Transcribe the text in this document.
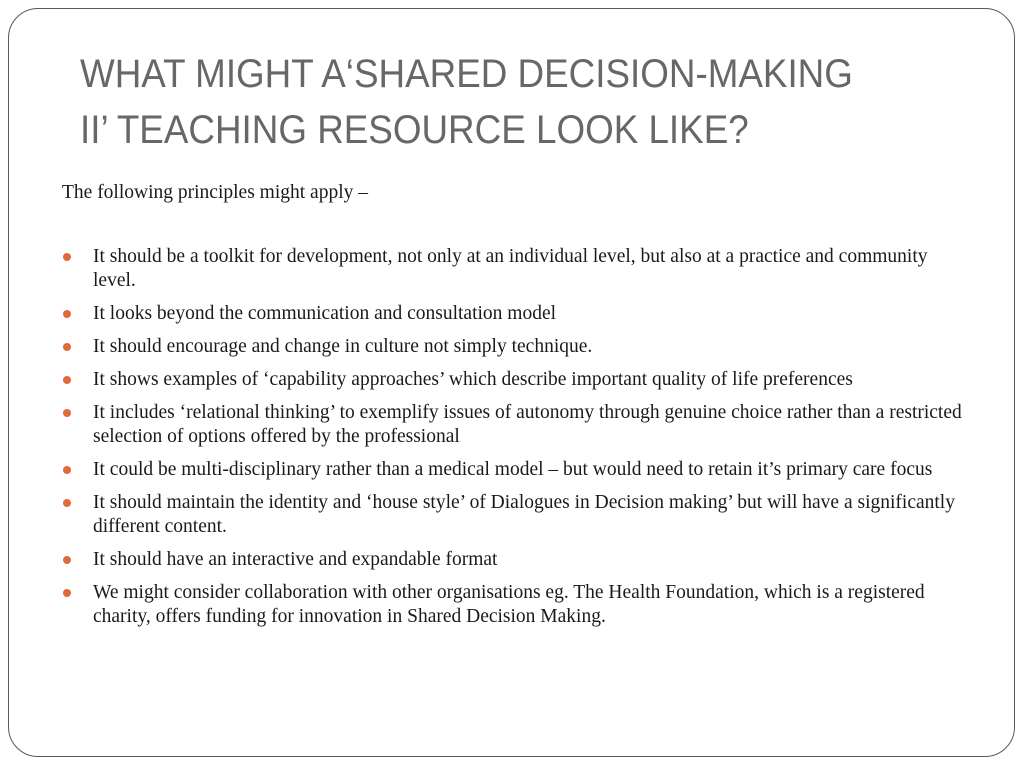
WHAT MIGHT A‘SHARED DECISION-MAKING
II’ TEACHING RESOURCE LOOK LIKE?

The following principles might apply –

It should be a toolkit for development, not only at an individual level, but also at a practice and community level.
It looks beyond the communication and consultation model
It should encourage and change in culture not simply technique.
It shows examples of ‘capability approaches’ which describe important quality of life preferences
It includes ‘relational thinking’ to exemplify issues of autonomy through genuine choice rather than a restricted selection of options offered by the professional
It could be multi-disciplinary rather than a medical model – but would need to retain it’s primary care focus
It should maintain the identity and ‘house style’ of Dialogues in Decision making’ but will have a significantly different content.
It should have an interactive and expandable format
We might consider collaboration with other organisations eg. The Health Foundation, which is a registered charity, offers funding for innovation in Shared Decision Making.
